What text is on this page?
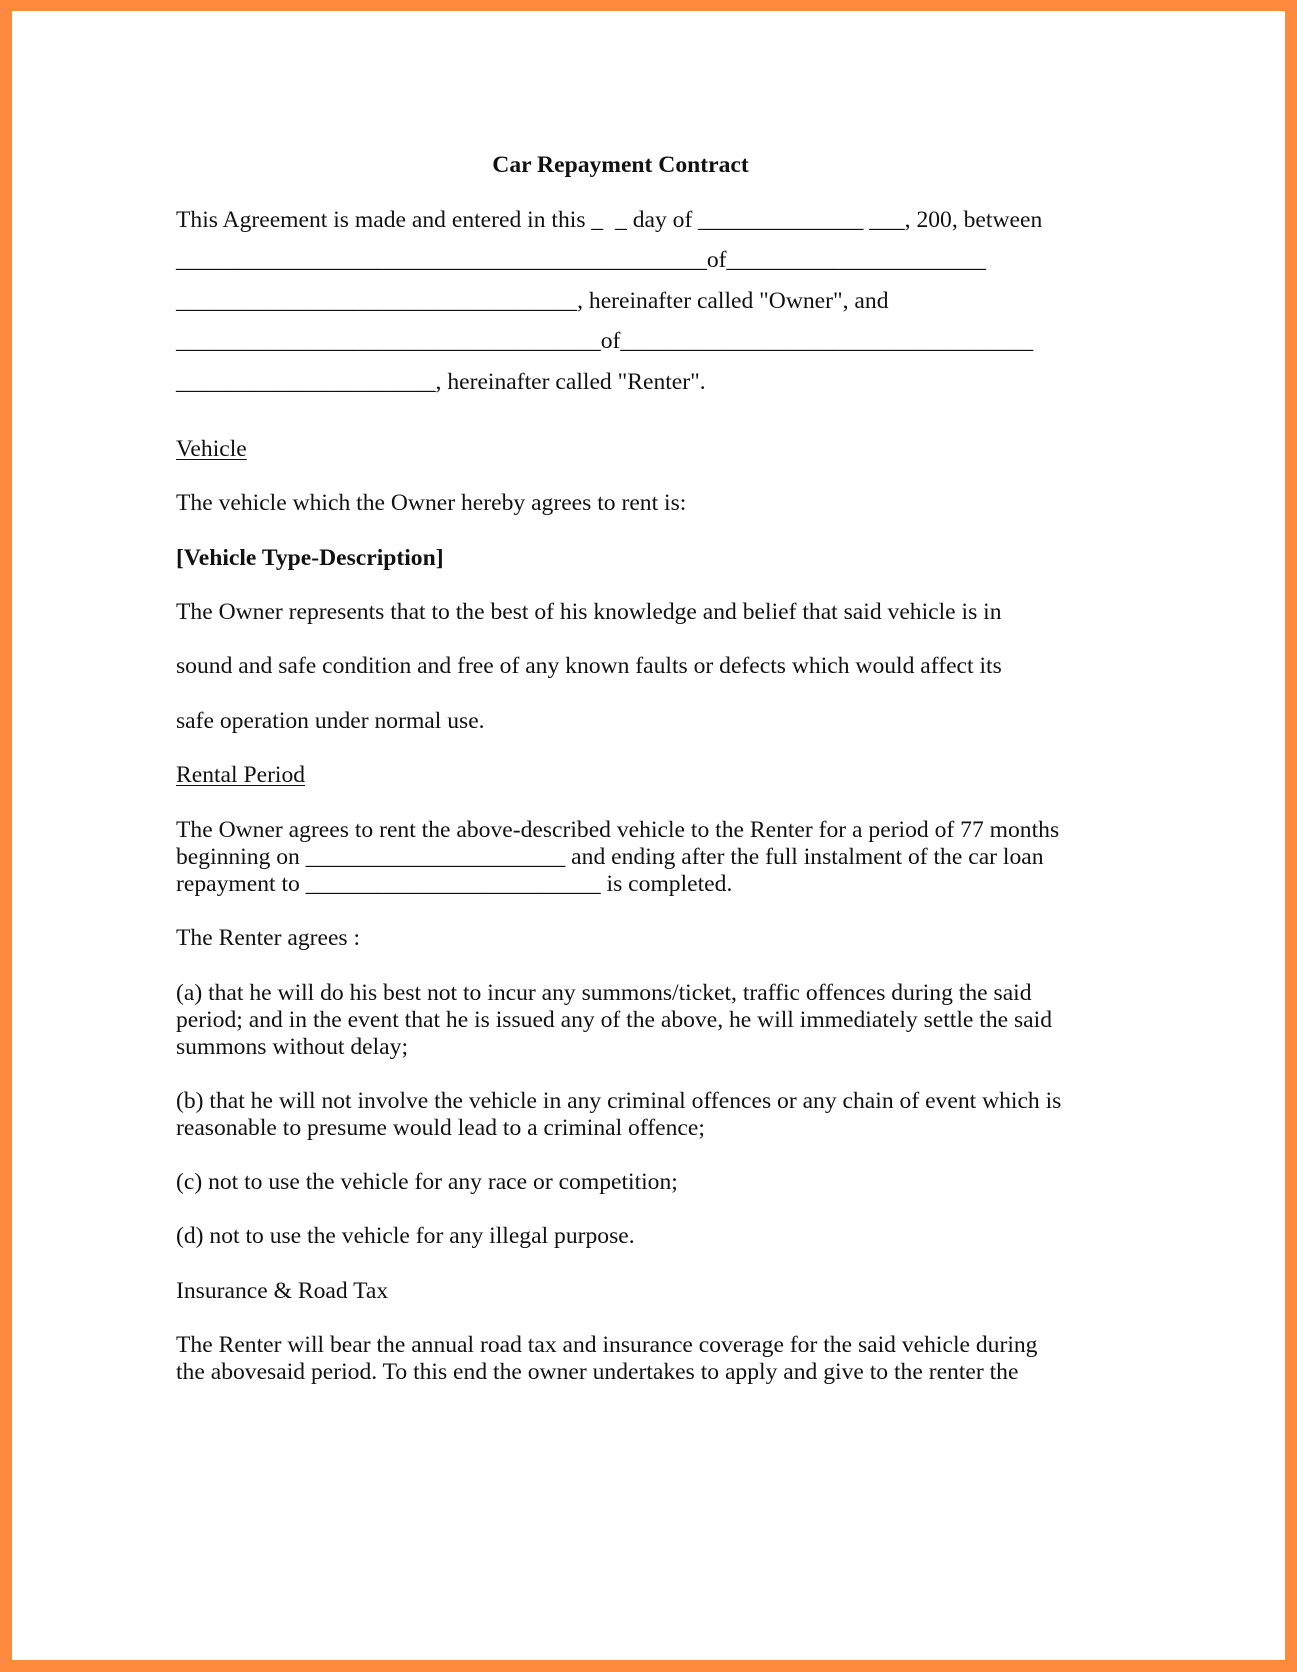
Car Repayment Contract

This Agreement is made and entered in this _  _ day of ______________ ___, 200, between

_____________________________________________of______________________

__________________________________, hereinafter called "Owner", and

____________________________________of___________________________________

______________________, hereinafter called "Renter".

Vehicle

The vehicle which the Owner hereby agrees to rent is:

[Vehicle Type-Description]

The Owner represents that to the best of his knowledge and belief that said vehicle is in

sound and safe condition and free of any known faults or defects which would affect its

safe operation under normal use.

Rental Period

The Owner agrees to rent the above-described vehicle to the Renter for a period of 77 months

beginning on ______________________ and ending after the full instalment of the car loan

repayment to _________________________ is completed.

The Renter agrees :

(a) that he will do his best not to incur any summons/ticket, traffic offences during the said

period; and in the event that he is issued any of the above, he will immediately settle the said

summons without delay;

(b) that he will not involve the vehicle in any criminal offences or any chain of event which is

reasonable to presume would lead to a criminal offence;

(c) not to use the vehicle for any race or competition;

(d) not to use the vehicle for any illegal purpose.

Insurance & Road Tax

The Renter will bear the annual road tax and insurance coverage for the said vehicle during

the abovesaid period. To this end the owner undertakes to apply and give to the renter the
